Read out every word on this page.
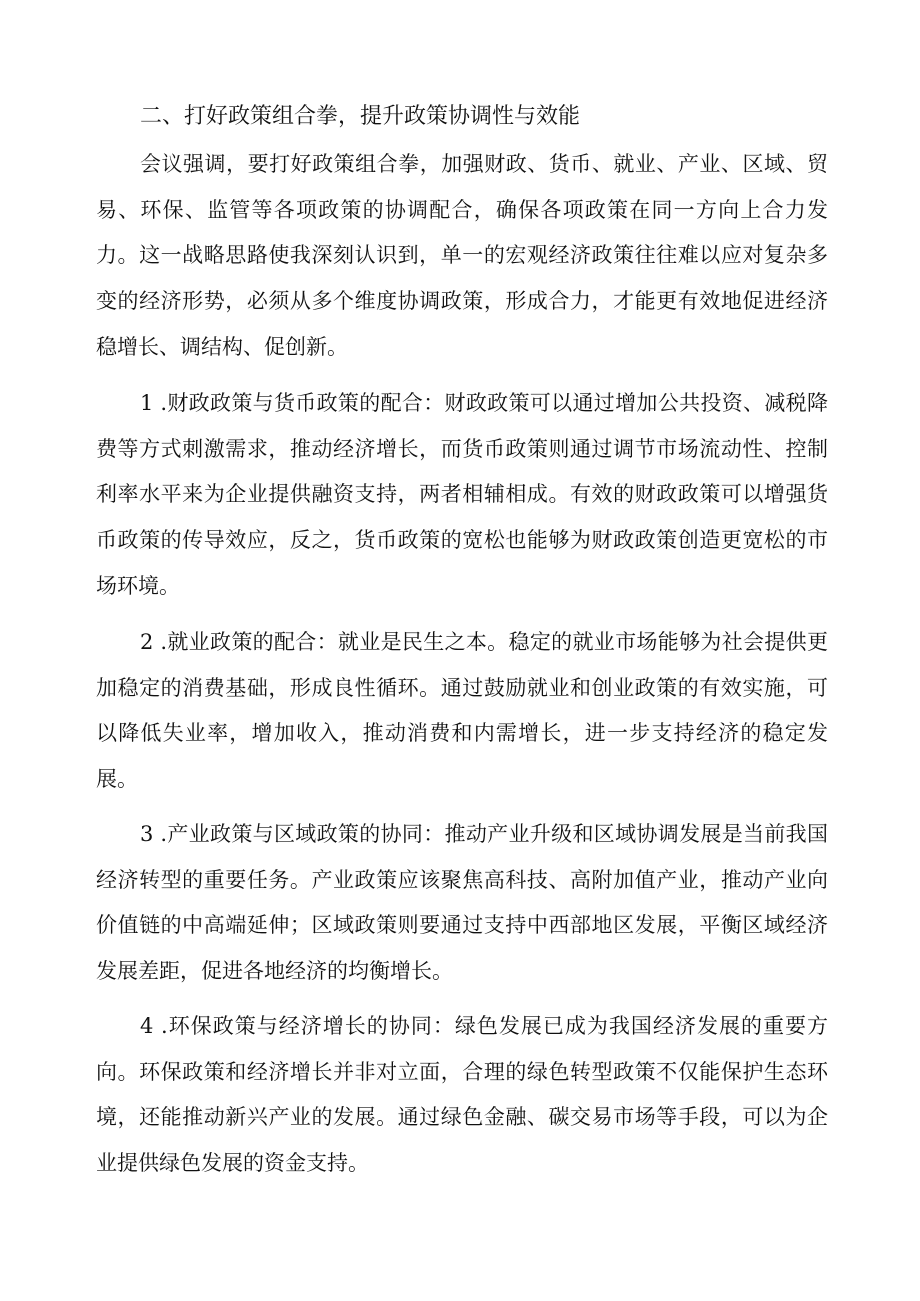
二、打好政策组合拳，提升政策协调性与效能

会议强调，要打好政策组合拳，加强财政、货币、就业、产业、区域、贸易、环保、监管等各项政策的协调配合，确保各项政策在同一方向上合力发力。这一战略思路使我深刻认识到，单一的宏观经济政策往往难以应对复杂多变的经济形势，必须从多个维度协调政策，形成合力，才能更有效地促进经济稳增长、调结构、促创新。

1 .财政政策与货币政策的配合：财政政策可以通过增加公共投资、减税降费等方式刺激需求，推动经济增长，而货币政策则通过调节市场流动性、控制利率水平来为企业提供融资支持，两者相辅相成。有效的财政政策可以增强货币政策的传导效应，反之，货币政策的宽松也能够为财政政策创造更宽松的市场环境。

2 .就业政策的配合：就业是民生之本。稳定的就业市场能够为社会提供更加稳定的消费基础，形成良性循环。通过鼓励就业和创业政策的有效实施，可以降低失业率，增加收入，推动消费和内需增长，进一步支持经济的稳定发展。

3 .产业政策与区域政策的协同：推动产业升级和区域协调发展是当前我国经济转型的重要任务。产业政策应该聚焦高科技、高附加值产业，推动产业向价值链的中高端延伸；区域政策则要通过支持中西部地区发展，平衡区域经济发展差距，促进各地经济的均衡增长。

4 .环保政策与经济增长的协同：绿色发展已成为我国经济发展的重要方向。环保政策和经济增长并非对立面，合理的绿色转型政策不仅能保护生态环境，还能推动新兴产业的发展。通过绿色金融、碳交易市场等手段，可以为企业提供绿色发展的资金支持。
